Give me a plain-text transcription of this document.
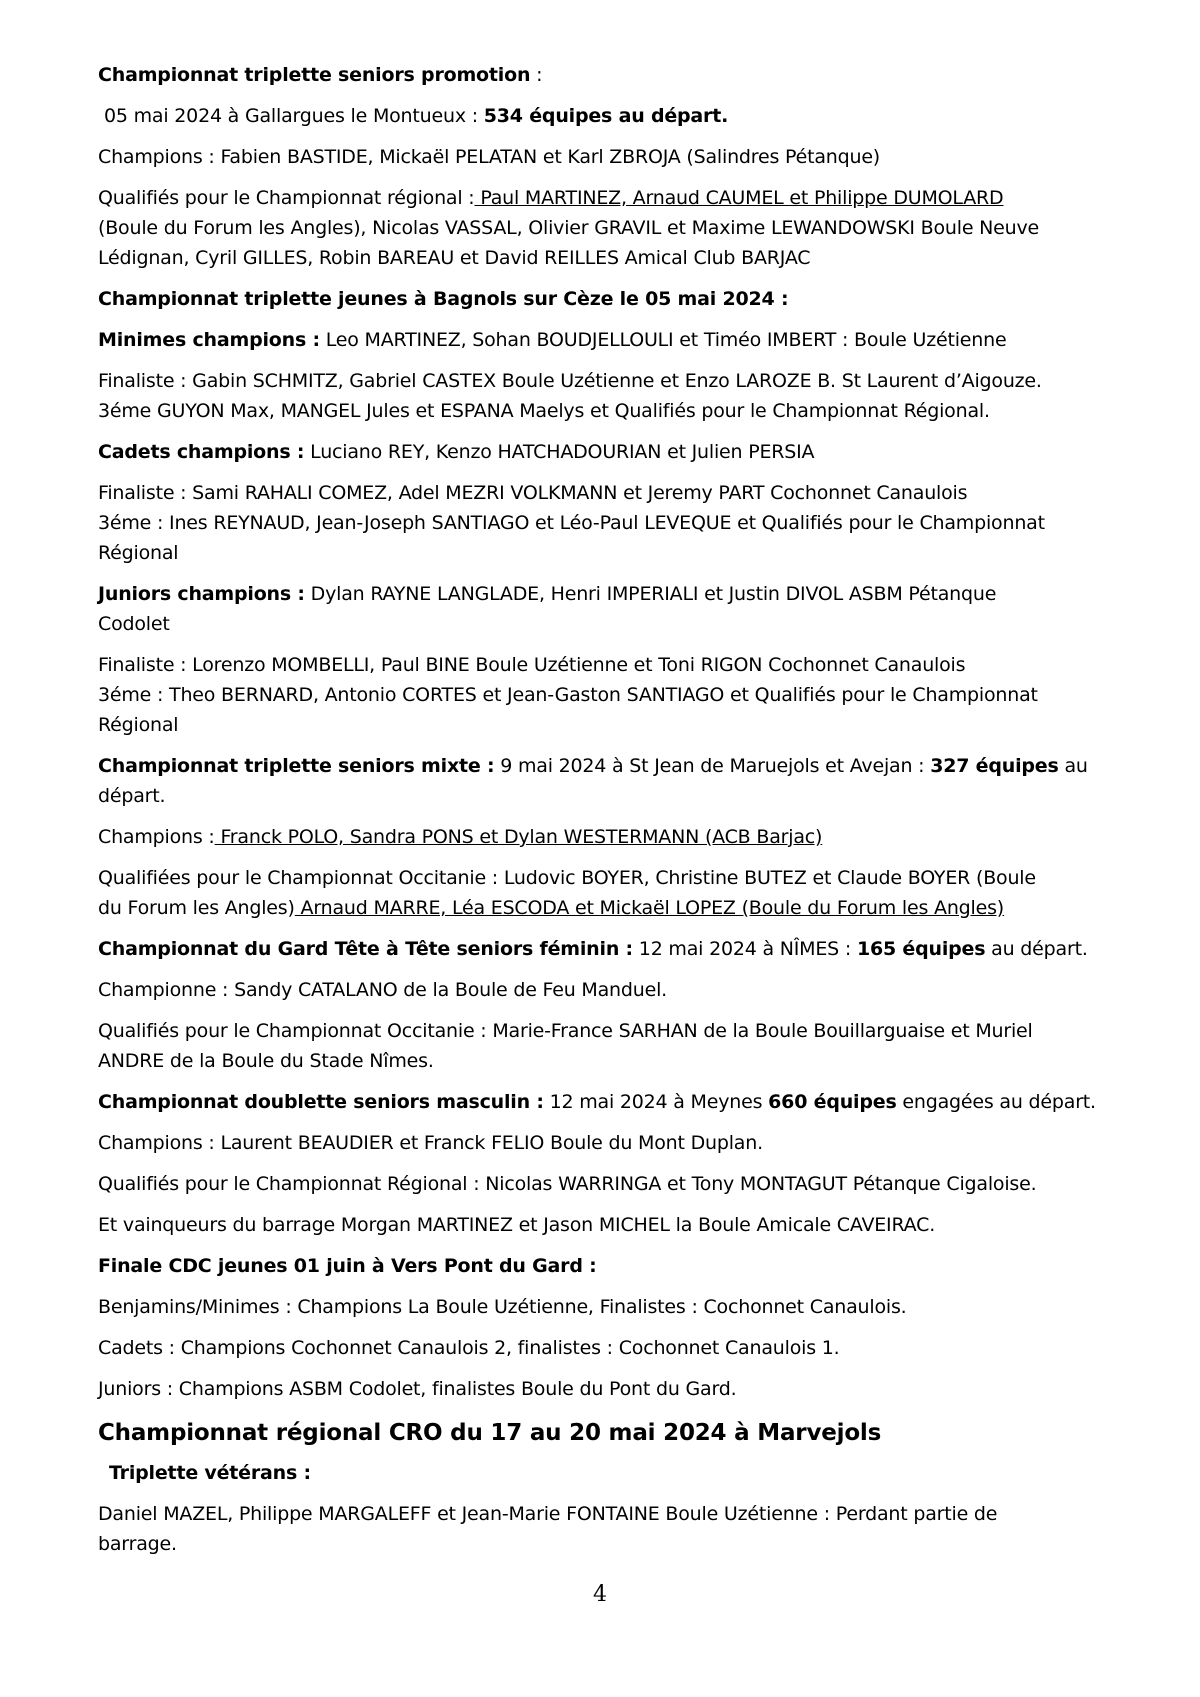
Championnat triplette seniors promotion :

05 mai 2024 à Gallargues le Montueux : 534 équipes au départ.

Champions : Fabien BASTIDE, Mickaël PELATAN et Karl ZBROJA (Salindres Pétanque)

Qualifiés pour le Championnat régional : Paul MARTINEZ, Arnaud CAUMEL et Philippe DUMOLARD
(Boule du Forum les Angles), Nicolas VASSAL, Olivier GRAVIL et Maxime LEWANDOWSKI Boule Neuve
Lédignan, Cyril GILLES, Robin BAREAU et David REILLES Amical Club BARJAC

Championnat triplette jeunes à Bagnols sur Cèze le 05 mai 2024 :

Minimes champions : Leo MARTINEZ, Sohan BOUDJELLOULI et Timéo IMBERT : Boule Uzétienne

Finaliste : Gabin SCHMITZ, Gabriel CASTEX Boule Uzétienne et Enzo LAROZE B. St Laurent d’Aigouze.
3éme GUYON Max, MANGEL Jules et ESPANA Maelys et Qualifiés pour le Championnat Régional.

Cadets champions : Luciano REY, Kenzo HATCHADOURIAN et Julien PERSIA

Finaliste : Sami RAHALI COMEZ, Adel MEZRI VOLKMANN et Jeremy PART Cochonnet Canaulois
3éme : Ines REYNAUD, Jean-Joseph SANTIAGO et Léo-Paul LEVEQUE et Qualifiés pour le Championnat
Régional

Juniors champions : Dylan RAYNE LANGLADE, Henri IMPERIALI et Justin DIVOL ASBM Pétanque
Codolet

Finaliste : Lorenzo MOMBELLI, Paul BINE Boule Uzétienne et Toni RIGON Cochonnet Canaulois
3éme : Theo BERNARD, Antonio CORTES et Jean-Gaston SANTIAGO et Qualifiés pour le Championnat
Régional

Championnat triplette seniors mixte : 9 mai 2024 à St Jean de Maruejols et Avejan : 327 équipes au
départ.

Champions : Franck POLO, Sandra PONS et Dylan WESTERMANN (ACB Barjac)

Qualifiées pour le Championnat Occitanie : Ludovic BOYER, Christine BUTEZ et Claude BOYER (Boule
du Forum les Angles) Arnaud MARRE, Léa ESCODA et Mickaël LOPEZ (Boule du Forum les Angles)

Championnat du Gard Tête à Tête seniors féminin : 12 mai 2024 à NÎMES : 165 équipes au départ.

Championne : Sandy CATALANO de la Boule de Feu Manduel.

Qualifiés pour le Championnat Occitanie : Marie-France SARHAN de la Boule Bouillarguaise et Muriel
ANDRE de la Boule du Stade Nîmes.

Championnat doublette seniors masculin : 12 mai 2024 à Meynes 660 équipes engagées au départ.

Champions : Laurent BEAUDIER et Franck FELIO Boule du Mont Duplan.

Qualifiés pour le Championnat Régional : Nicolas WARRINGA et Tony MONTAGUT Pétanque Cigaloise.

Et vainqueurs du barrage Morgan MARTINEZ et Jason MICHEL la Boule Amicale CAVEIRAC.

Finale CDC jeunes 01 juin à Vers Pont du Gard :

Benjamins/Minimes : Champions La Boule Uzétienne, Finalistes : Cochonnet Canaulois.

Cadets : Champions Cochonnet Canaulois 2, finalistes : Cochonnet Canaulois 1.

Juniors : Champions ASBM Codolet, finalistes Boule du Pont du Gard.

Championnat régional CRO du 17 au 20 mai 2024 à Marvejols

Triplette vétérans :

Daniel MAZEL, Philippe MARGALEFF et Jean-Marie FONTAINE Boule Uzétienne : Perdant partie de
barrage.

4
